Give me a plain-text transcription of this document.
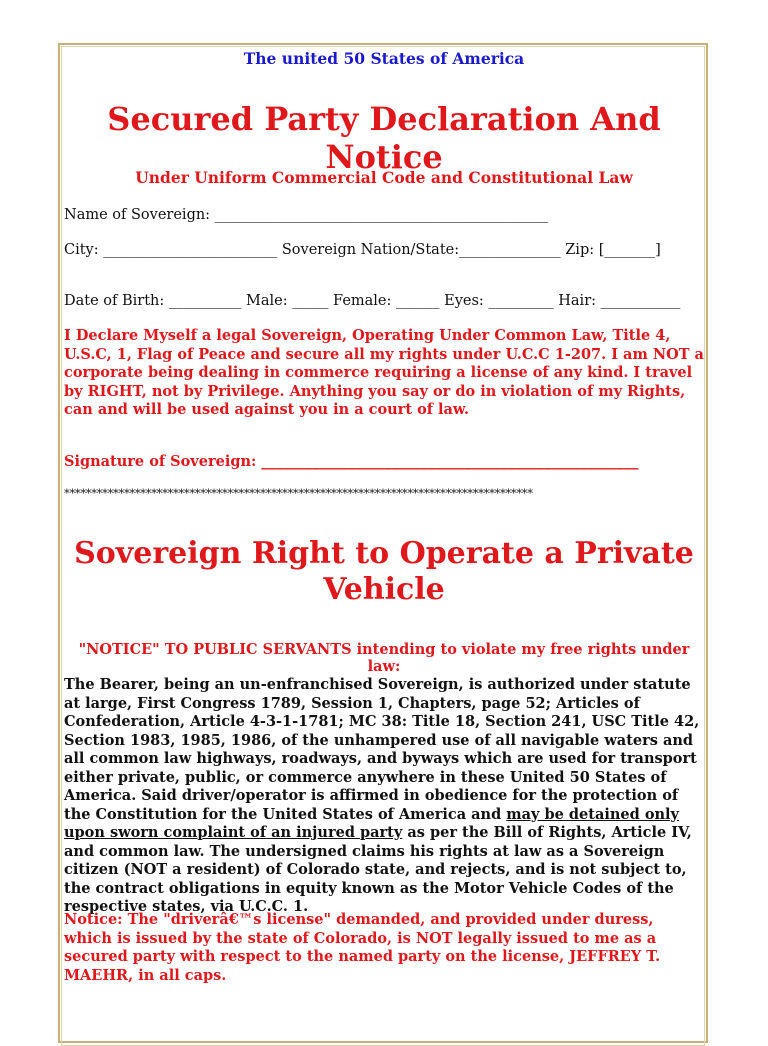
The united 50 States of America
Secured Party Declaration And Notice
Under Uniform Commercial Code and Constitutional Law
Name of Sovereign: ______________________________________________
City: ________________________ Sovereign Nation/State:______________ Zip: [_______]
Date of Birth: __________ Male: _____ Female: ______ Eyes: _________ Hair: ___________
I Declare Myself a legal Sovereign, Operating Under Common Law, Title 4, U.S.C, 1, Flag of Peace and secure all my rights under U.C.C 1-207. I am NOT a corporate being dealing in commerce requiring a license of any kind. I travel by RIGHT, not by Privilege. Anything you say or do in violation of my Rights, can and will be used against you in a court of law.
Signature of Sovereign: ____________________________________________________
**************************************************************************************
Sovereign Right to Operate a Private Vehicle
"NOTICE" TO PUBLIC SERVANTS intending to violate my free rights under law:
The Bearer, being an un-enfranchised Sovereign, is authorized under statute at large, First Congress 1789, Session 1, Chapters, page 52; Articles of Confederation, Article 4-3-1-1781; MC 38: Title 18, Section 241, USC Title 42, Section 1983, 1985, 1986, of the unhampered use of all navigable waters and all common law highways, roadways, and byways which are used for transport either private, public, or commerce anywhere in these United 50 States of America. Said driver/operator is affirmed in obedience for the protection of the Constitution for the United States of America and may be detained only upon sworn complaint of an injured party as per the Bill of Rights, Article IV, and common law. The undersigned claims his rights at law as a Sovereign citizen (NOT a resident) of Colorado state, and rejects, and is not subject to, the contract obligations in equity known as the Motor Vehicle Codes of the respective states, via U.C.C. 1.
Notice: The "driverâ€™s license" demanded, and provided under duress, which is issued by the state of Colorado, is NOT legally issued to me as a secured party with respect to the named party on the license, JEFFREY T. MAEHR, in all caps.
